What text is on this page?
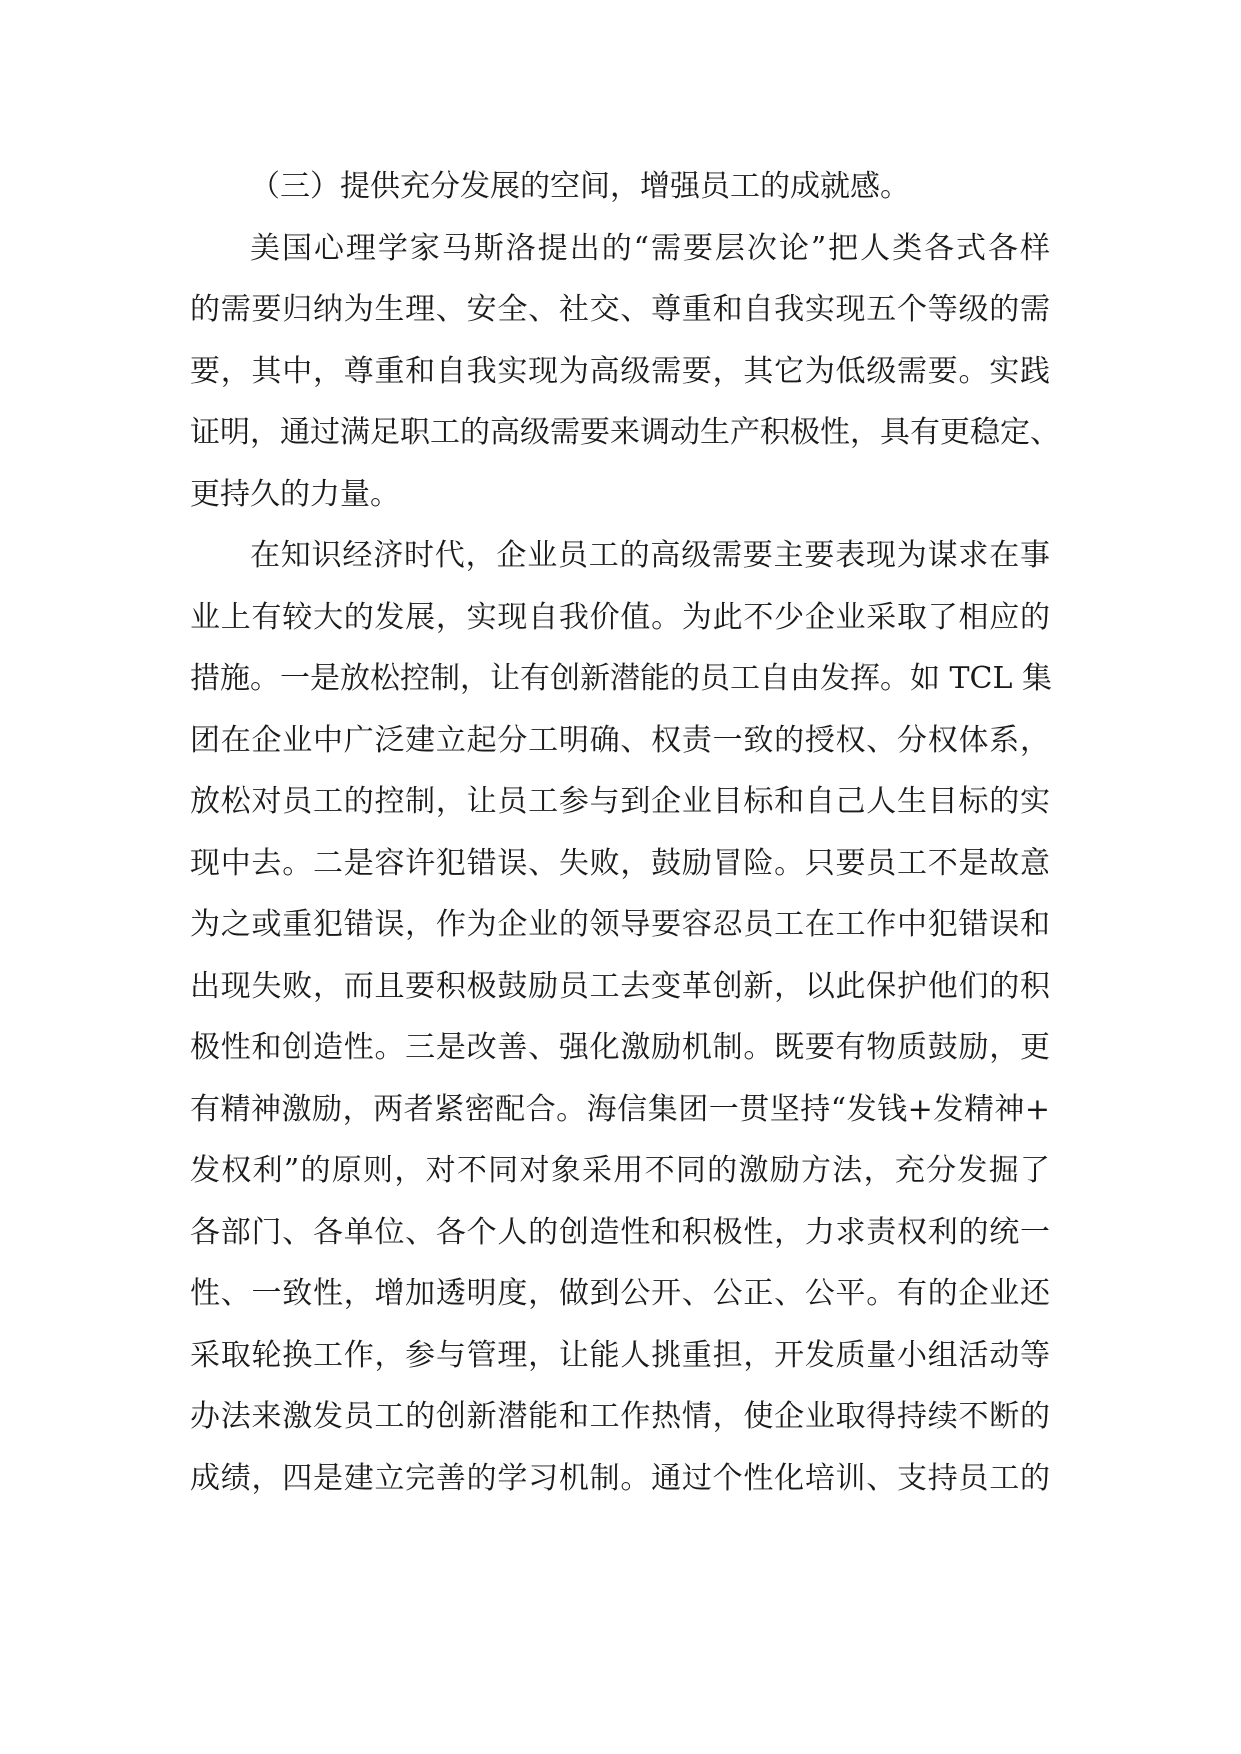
（三）提供充分发展的空间，增强员工的成就感。
美国心理学家马斯洛提出的“需要层次论”把人类各式各样
的需要归纳为生理、安全、社交、尊重和自我实现五个等级的需
要，其中，尊重和自我实现为高级需要，其它为低级需要。实践
证明，通过满足职工的高级需要来调动生产积极性，具有更稳定、
更持久的力量。
在知识经济时代，企业员工的高级需要主要表现为谋求在事
业上有较大的发展，实现自我价值。为此不少企业采取了相应的
措施。一是放松控制，让有创新潜能的员工自由发挥。如 TCL 集
团在企业中广泛建立起分工明确、权责一致的授权、分权体系，
放松对员工的控制，让员工参与到企业目标和自己人生目标的实
现中去。二是容许犯错误、失败，鼓励冒险。只要员工不是故意
为之或重犯错误，作为企业的领导要容忍员工在工作中犯错误和
出现失败，而且要积极鼓励员工去变革创新，以此保护他们的积
极性和创造性。三是改善、强化激励机制。既要有物质鼓励，更
有精神激励，两者紧密配合。海信集团一贯坚持“发钱+发精神+
发权利”的原则，对不同对象采用不同的激励方法，充分发掘了
各部门、各单位、各个人的创造性和积极性，力求责权利的统一
性、一致性，增加透明度，做到公开、公正、公平。有的企业还
采取轮换工作，参与管理，让能人挑重担，开发质量小组活动等
办法来激发员工的创新潜能和工作热情，使企业取得持续不断的
成绩，四是建立完善的学习机制。通过个性化培训、支持员工的
